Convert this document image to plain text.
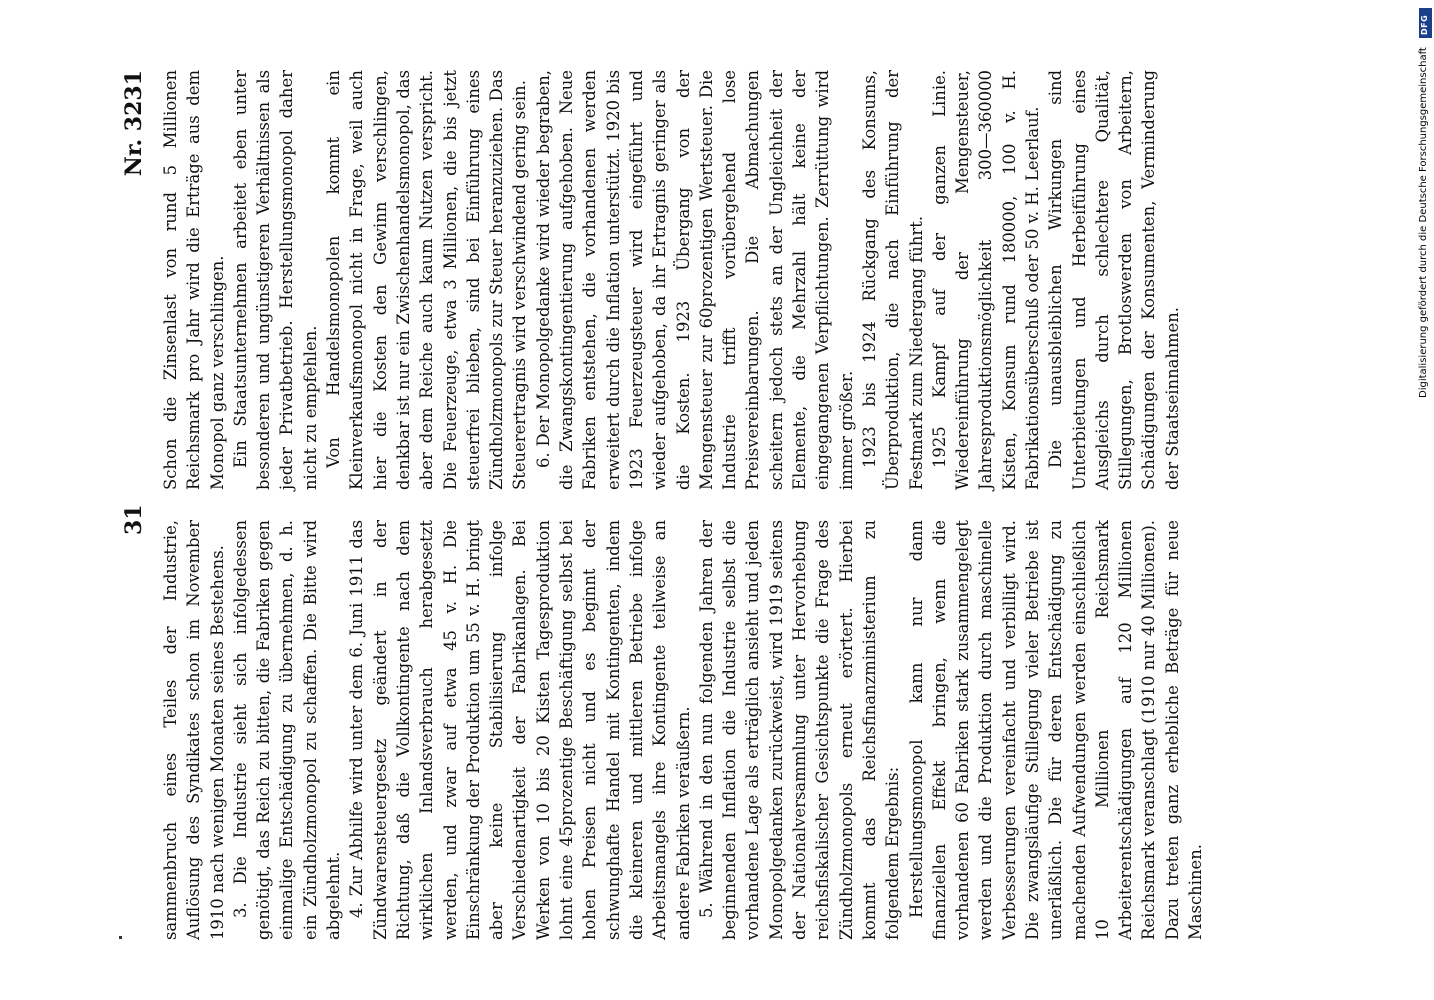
31
Nr. 3231

sammenbruch eines Teiles der Industrie, Auflösung des Syndikates schon im November 1910 nach wenigen Monaten seines Bestehens. 3. Die Industrie sieht sich infolgedessen genötigt, das Reich zu bitten, die Fabriken gegen einmalige Entschädigung zu übernehmen, d. h. ein Zündholzmonopol zu schaffen. Die Bitte wird abgelehnt. 4. Zur Abhilfe wird unter dem 6. Juni 1911 das Zündwarensteuergesetz geändert in der Richtung, daß die Vollkontingente nach dem wirklichen Inlandsverbrauch herabgesetzt werden, und zwar auf etwa 45 v. H. Die Einschränkung der Produktion um 55 v. H. bringt aber keine Stabilisierung infolge Verschiedenartigkeit der Fabrikanlagen. Bei Werken von 10 bis 20 Kisten Tagesproduktion lohnt eine 45prozentige Beschäftigung selbst bei hohen Preisen nicht und es beginnt der schwunghafte Handel mit Kontingenten, indem die kleineren und mittleren Betriebe infolge Arbeitsmangels ihre Kontingente teilweise an andere Fabriken veräußern. 5. Während in den nun folgenden Jahren der beginnenden Inflation die Industrie selbst die vorhandene Lage als erträglich ansieht und jeden Monopolgedanken zurückweist, wird 1919 seitens der Nationalversammlung unter Hervorhebung reichsfiskalischer Gesichtspunkte die Frage des Zündholzmonopols erneut erörtert. Hierbei kommt das Reichsfinanzministerium zu folgendem Ergebnis: Herstellungsmonopol kann nur dann finanziellen Effekt bringen, wenn die vorhandenen 60 Fabriken stark zusammengelegt werden und die Produktion durch maschinelle Verbesserungen vereinfacht und verbilligt wird. Die zwangsläufige Stillegung vieler Betriebe ist unerläßlich. Die für deren Entschädigung zu machenden Aufwendungen werden einschließlich 10 Millionen Reichsmark Arbeiterentschädigungen auf 120 Millionen Reichsmark veranschlagt (1910 nur 40 Millionen). Dazu treten ganz erhebliche Beträge für neue Maschinen.

Schon die Zinsenlast von rund 5 Millionen Reichsmark pro Jahr wird die Erträge aus dem Monopol ganz verschlingen. Ein Staatsunternehmen arbeitet eben unter besonderen und ungünstigeren Verhältnissen als jeder Privatbetrieb. Herstellungsmonopol daher nicht zu empfehlen. Von Handelsmonopolen kommt ein Kleinverkaufsmonopol nicht in Frage, weil auch hier die Kosten den Gewinn verschlingen, denkbar ist nur ein Zwischenhandelsmonopol, das aber dem Reiche auch kaum Nutzen verspricht. Die Feuerzeuge, etwa 3 Millionen, die bis jetzt steuerfrei blieben, sind bei Einführung eines Zündholzmonopols zur Steuer heranzuziehen. Das Steuerertragnis wird verschwindend gering sein. 6. Der Monopolgedanke wird wieder begraben, die Zwangskontingentierung aufgehoben. Neue Fabriken entstehen, die vorhandenen werden erweitert durch die Inflation unterstützt. 1920 bis 1923 Feuerzeugsteuer wird eingeführt und wieder aufgehoben, da ihr Ertragnis geringer als die Kosten. 1923 Übergang von der Mengensteuer zur 60prozentigen Wertsteuer. Die Industrie trifft vorübergehend lose Preisvereinbarungen. Die Abmachungen scheitern jedoch stets an der Ungleichheit der Elemente, die Mehrzahl hält keine der eingegangenen Verpflichtungen. Zerrüttung wird immer größer. 1923 bis 1924 Rückgang des Konsums, Überproduktion, die nach Einführung der Festmark zum Niedergang führt. 1925 Kampf auf der ganzen Linie. Wiedereinführung der Mengensteuer, Jahresproduktionsmöglichkeit 300—360000 Kisten, Konsum rund 180000, 100 v. H. Fabrikationsüberschuß oder 50 v. H. Leerlauf. Die unausbleiblichen Wirkungen sind Unterbietungen und Herbeiführung eines Ausgleichs durch schlechtere Qualität, Stillegungen, Brotloswerden von Arbeitern, Schädigungen der Konsumenten, Verminderung der Staatseinnahmen.

DFG
Digitalisierung gefördert durch die Deutsche Forschungsgemeinschaft
